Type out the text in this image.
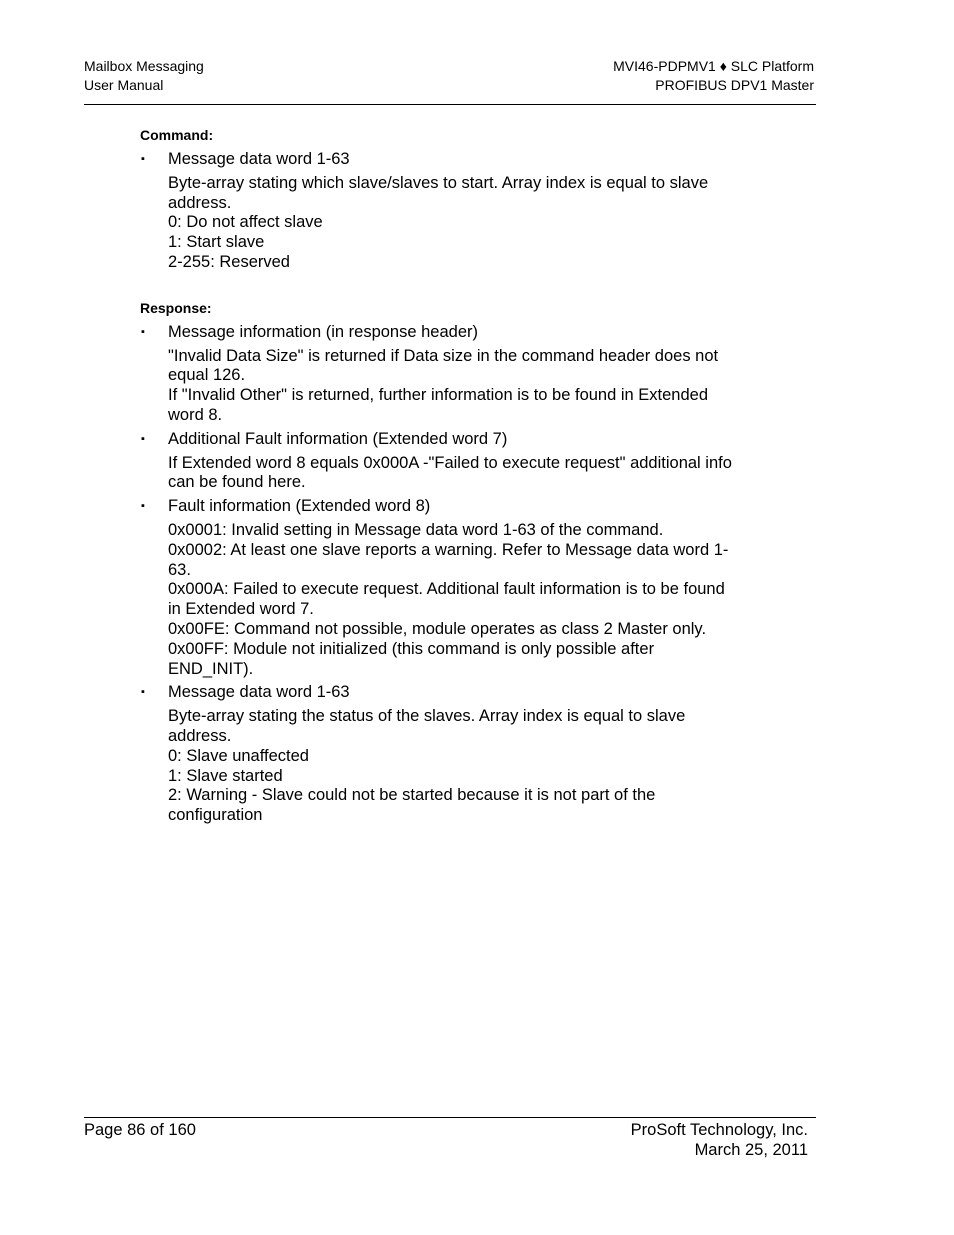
Mailbox Messaging
User Manual
MVI46-PDPMV1 ♦ SLC Platform
PROFIBUS DPV1 Master
Command:
▪ Message data word 1-63
Byte-array stating which slave/slaves to start. Array index is equal to slave
address.
0: Do not affect slave
1: Start slave
2-255: Reserved
Response:
▪ Message information (in response header)
"Invalid Data Size" is returned if Data size in the command header does not
equal 126.
If "Invalid Other" is returned, further information is to be found in Extended
word 8.
▪ Additional Fault information (Extended word 7)
If Extended word 8 equals 0x000A -"Failed to execute request" additional info
can be found here.
▪ Fault information (Extended word 8)
0x0001: Invalid setting in Message data word 1-63 of the command.
0x0002: At least one slave reports a warning. Refer to Message data word 1-
63.
0x000A: Failed to execute request. Additional fault information is to be found
in Extended word 7.
0x00FE: Command not possible, module operates as class 2 Master only.
0x00FF: Module not initialized (this command is only possible after
END_INIT).
▪ Message data word 1-63
Byte-array stating the status of the slaves. Array index is equal to slave
address.
0: Slave unaffected
1: Slave started
2: Warning - Slave could not be started because it is not part of the
configuration
Page 86 of 160	ProSoft Technology, Inc.
March 25, 2011
